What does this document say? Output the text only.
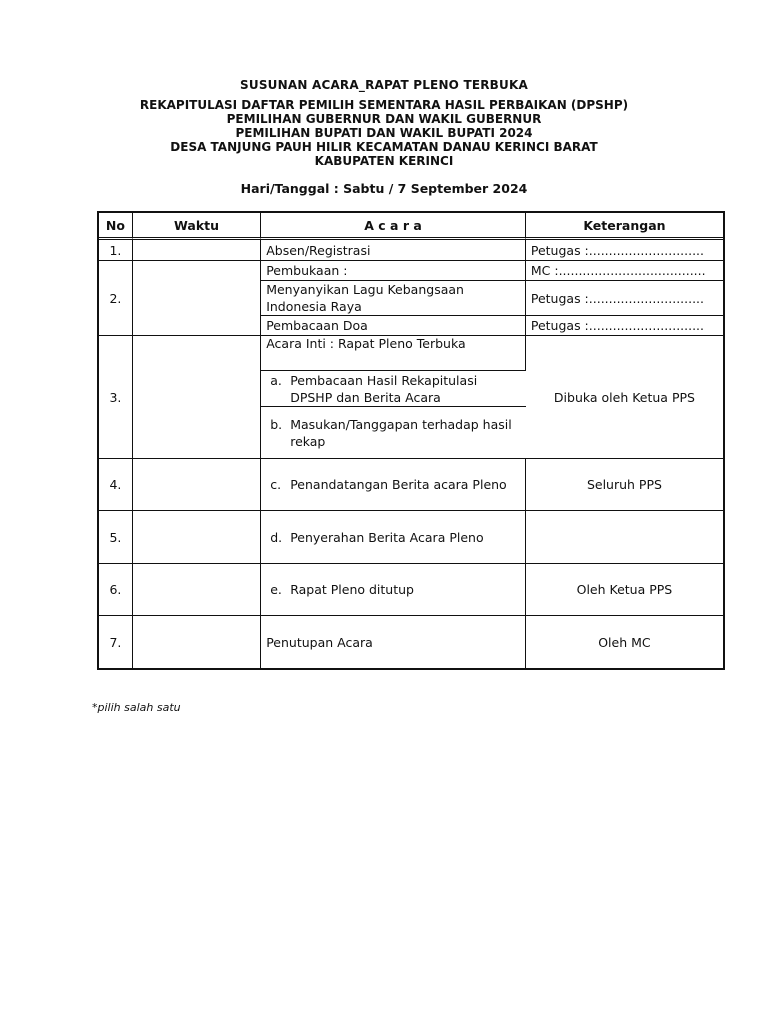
SUSUNAN ACARA_RAPAT PLENO TERBUKA
REKAPITULASI DAFTAR PEMILIH SEMENTARA HASIL PERBAIKAN (DPSHP)
PEMILIHAN GUBERNUR DAN WAKIL GUBERNUR
PEMILIHAN BUPATI DAN WAKIL BUPATI 2024
DESA TANJUNG PAUH HILIR KECAMATAN DANAU KERINCI BARAT
KABUPATEN KERINCI
Hari/Tanggal : Sabtu / 7 September 2024
No	Waktu	A c a r a	Keterangan
1.		Absen/Registrasi	Petugas :.............................
2.		Pembukaan :	MC :.....................................
		Menyanyikan Lagu Kebangsaan Indonesia Raya	Petugas :.............................
		Pembacaan Doa	Petugas :.............................
3.		Acara Inti : Rapat Pleno Terbuka	Dibuka oleh Ketua PPS

		a. Pembacaan Hasil Rekapitulasi DPSHP dan Berita Acara	

		b. Masukan/Tanggapan terhadap hasil rekap	

4.		c. Penandatangan Berita acara Pleno	Seluruh PPS
5.		d. Penyerahan Berita Acara Pleno	

6.		e. Rapat Pleno ditutup	Oleh Ketua PPS
7.		Penutupan Acara	Oleh MC
*pilih salah satu
